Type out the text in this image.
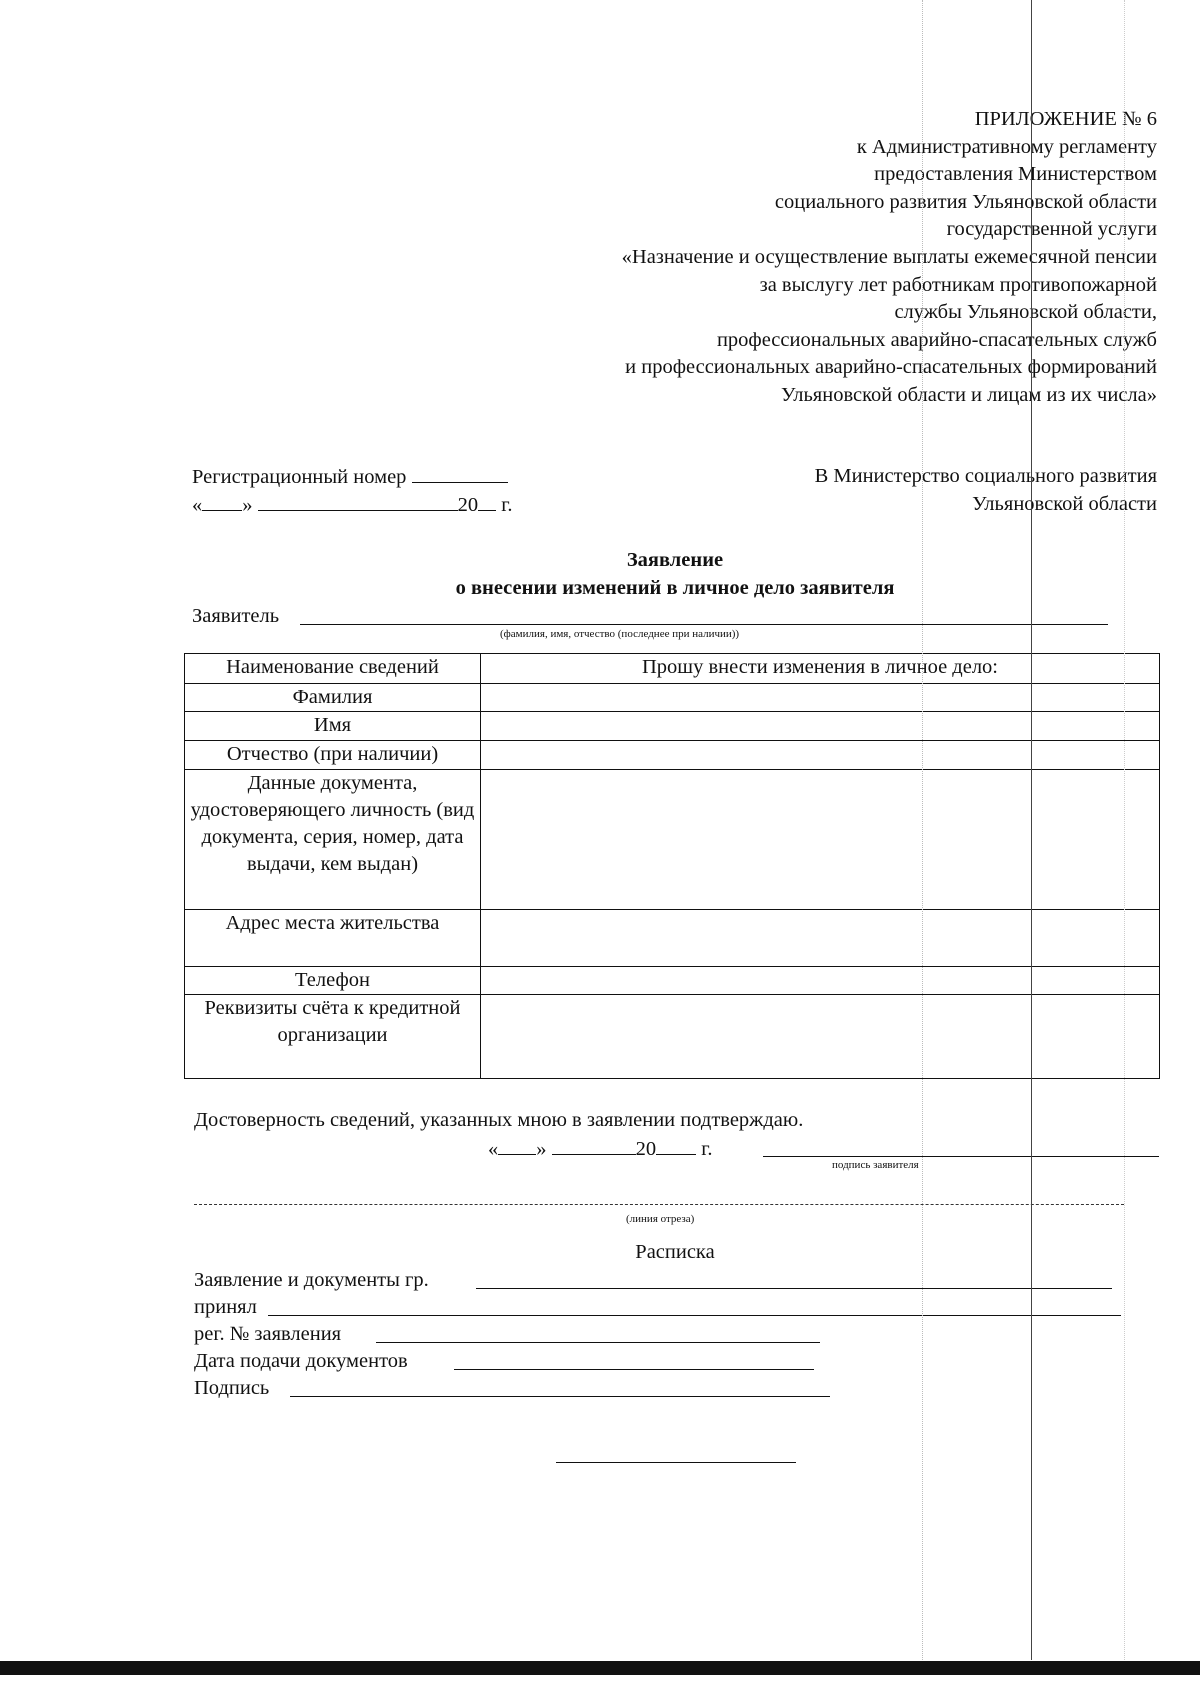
ПРИЛОЖЕНИЕ № 6
к Административному регламенту
предоставления Министерством
социального развития Ульяновской области
государственной услуги
«Назначение и осуществление выплаты ежемесячной пенсии
за выслугу лет работникам противопожарной
службы Ульяновской области,
профессиональных аварийно-спасательных служб
и профессиональных аварийно-спасательных формирований
Ульяновской области и лицам из их числа»
Регистрационный номер
« »	20 г.
В Министерство социального развития
Ульяновской области
Заявление
о внесении изменений в личное дело заявителя
Заявитель
(фамилия, имя, отчество (последнее при наличии))
Наименование сведений	Прошу внести изменения в личное дело:
Фамилия	
Имя	
Отчество (при наличии)	
Данные документа, удостоверяющего личность (вид документа, серия, номер, дата выдачи, кем выдан)	
Адрес места жительства	
Телефон	
Реквизиты счёта к кредитной организации	
Достоверность сведений, указанных мною в заявлении подтверждаю.
« »	20 г.
подпись заявителя
(линия отреза)
Расписка
Заявление и документы гр.
принял
рег. № заявления
Дата подачи документов
Подпись
